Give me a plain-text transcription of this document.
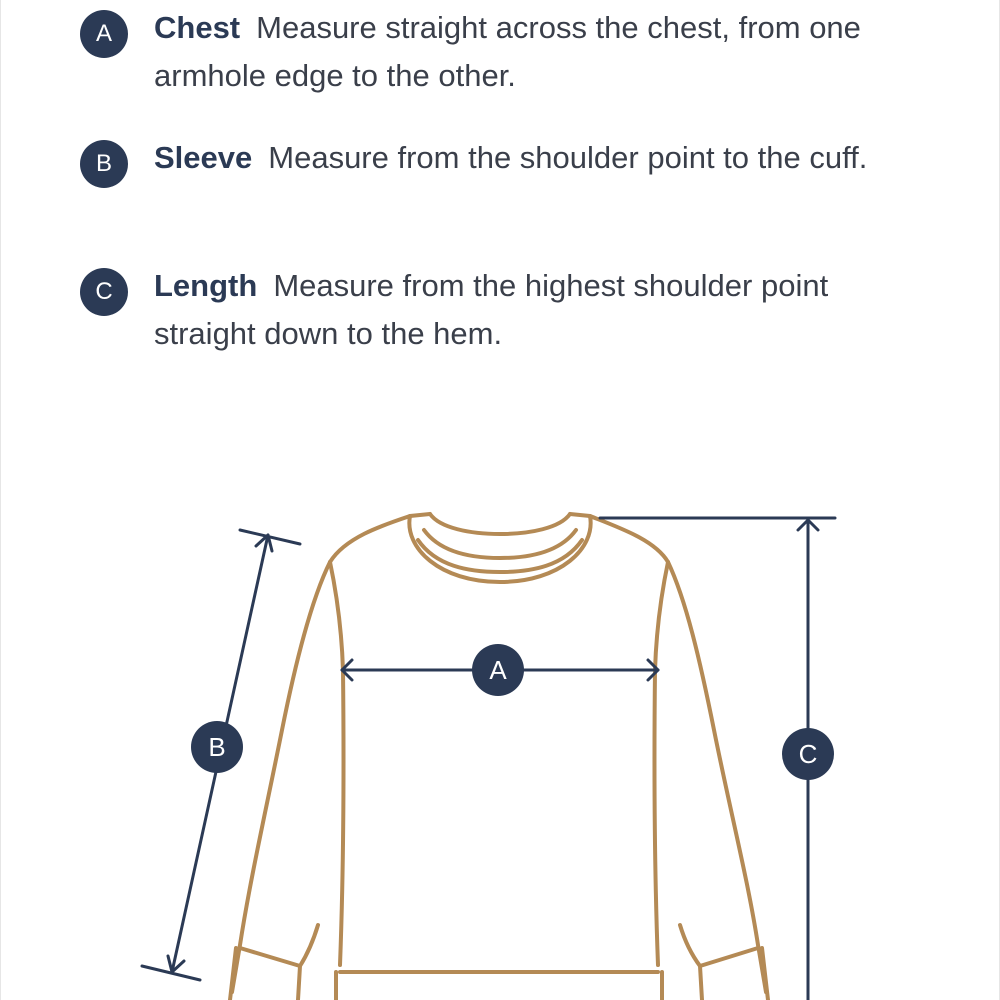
A	Chest Measure straight across the chest, from one armhole edge to the other.
B	Sleeve Measure from the shoulder point to the cuff.
C	Length Measure from the highest shoulder point straight down to the hem.
A
B	C
